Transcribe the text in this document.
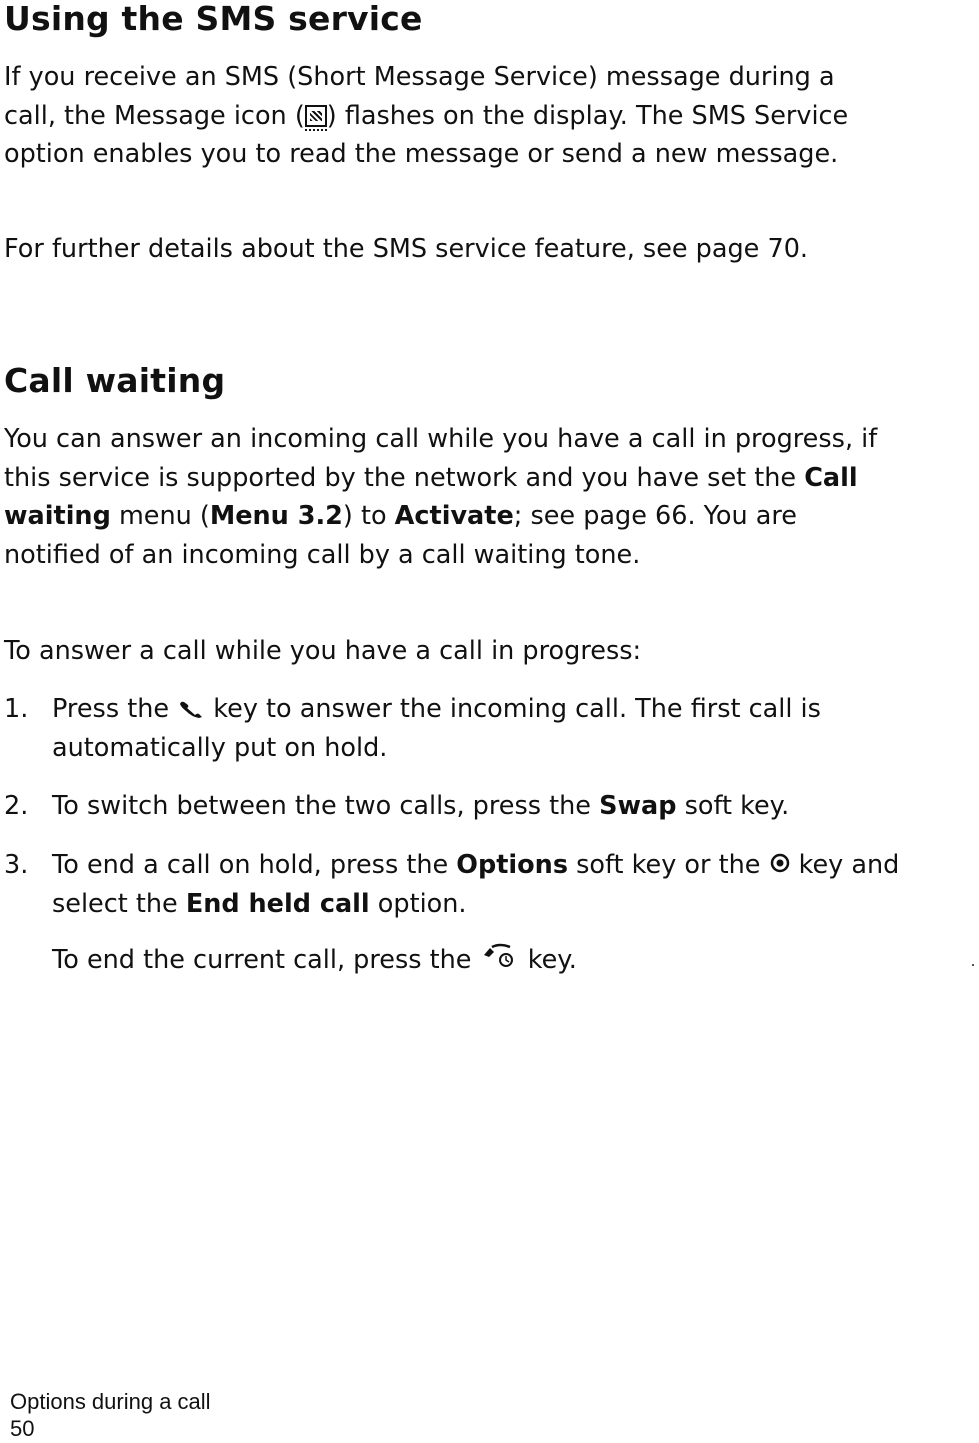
Using the SMS service

If you receive an SMS (Short Message Service) message during a call, the Message icon ( ) flashes on the display. The SMS Service option enables you to read the message or send a new message.

For further details about the SMS service feature, see page 70.

Call waiting

You can answer an incoming call while you have a call in progress, if this service is supported by the network and you have set the Call waiting menu (Menu 3.2) to Activate; see page 66. You are notified of an incoming call by a call waiting tone.

To answer a call while you have a call in progress:

1. Press the  key to answer the incoming call. The first call is automatically put on hold.
2. To switch between the two calls, press the Swap soft key.
3. To end a call on hold, press the Options soft key or the  key and select the End held call option.
To end the current call, press the  key.
Options during a call
50
